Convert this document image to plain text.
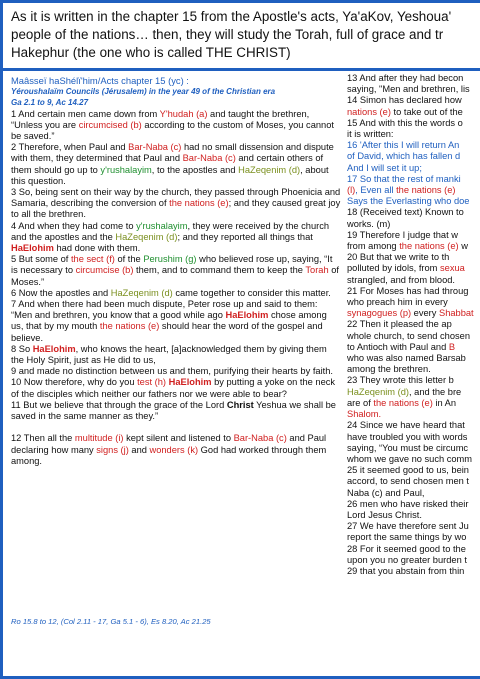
As it is written in the chapter 15 from the Apostle's acts, Ya'aKov, Yeshoua'
people of the nations… then, they will study the Torah, full of grace and tr
Hakephur (the one who is called THE CHRIST)

Maâsseï haShélï'him/Acts chapter 15 (yc) :

Yéroushalaïm Councils (Jérusalem) in the year 49 of the Christian era

Ga 2.1 to 9, Ac 14.27

1 And certain men came down from Y'hudah (a) and taught the brethren, “Unless you are circumcised (b) according to the custom of Moses, you cannot be saved.”

2 Therefore, when Paul and Bar-Naba (c) had no small dissension and dispute with them, they determined that Paul and Bar-Naba (c) and certain others of them should go up to y'rushalayim, to the apostles and HaZeqenim (d), about this question.

3 So, being sent on their way by the church, they passed through Phoenicia and Samaria, describing the conversion of the nations (e); and they caused great joy to all the brethren.

4 And when they had come to y'rushalayim, they were received by the church and the apostles and the HaZeqenim (d); and they reported all things that HaElohim had done with them.

5 But some of the sect (f) of the Perushim (g) who believed rose up, saying, “It is necessary to circumcise (b) them, and to command them to keep the Torah of Moses.”

6 Now the apostles and HaZeqenim (d) came together to consider this matter.

7 And when there had been much dispute, Peter rose up and said to them: “Men and brethren, you know that a good while ago HaElohim chose among us, that by my mouth the nations (e) should hear the word of the gospel and believe.

8 So HaElohim, who knows the heart, [a]acknowledged them by giving them the Holy Spirit, just as He did to us,

9 and made no distinction between us and them, purifying their hearts by faith.

10 Now therefore, why do you test (h) HaElohim by putting a yoke on the neck of the disciples which neither our fathers nor we were able to bear?

11 But we believe that through the grace of the Lord Christ Yeshua we shall be saved in the same manner as they.”

12 Then all the multitude (i) kept silent and listened to Bar-Naba (c) and Paul declaring how many signs (j) and wonders (k) God had worked through them among.

Ro 15.8 to 12, (Col 2.11 - 17, Ga 5.1 - 6), Es 8.20, Ac 21.25
13 And after they had becon
saying, "Men and brethren, lis
14 Simon has declared how
nations (e) to take out of the
15 And with this the words o
it is written:
16 'After this I will return An
of David, which has fallen d
And I will set it up;
17 So that the rest of manki
(l), Even all the nations (e)
Says the Everlasting who doe
18 (Received text) Known to
works. (m)
19 Therefore I judge that w
from among the nations (e) w
20 But that we write to th
polluted by idols, from sexua
strangled, and from blood.
21 For Moses has had throug
who preach him in every
synagogues (p) every Shabbat
22 Then it pleased the ap
whole church, to send chosen
to Antioch with Paul and B
who was also named Barsab
among the brethren.
23 They wrote this letter b
HaZeqenim (d), and the bre
are of the nations (e) in An
Shalom.
24 Since we have heard that
have troubled you with words
saying, “You must be circumc
whom we gave no such comm
25 it seemed good to us, bein
accord, to send chosen men t
Naba (c) and Paul,
26 men who have risked their
Lord Jesus Christ.
27 We have therefore sent Ju
report the same things by wo
28 For it seemed good to the
upon you no greater burden t
29 that you abstain from thin
